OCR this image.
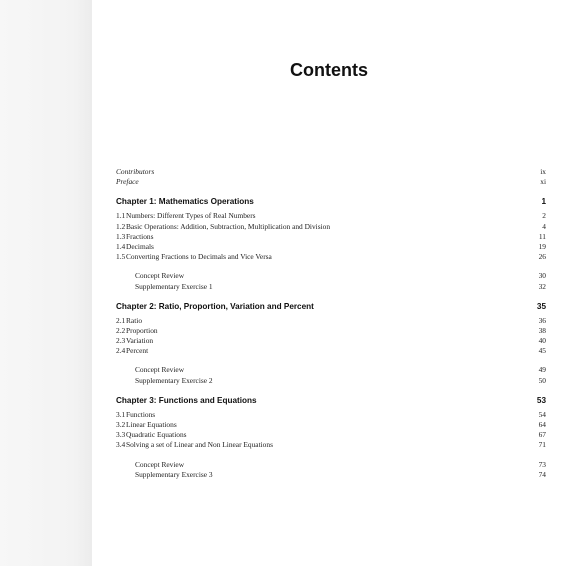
Contents
Contributors	ix
Preface	xi
Chapter 1: Mathematics Operations	1
1.1 Numbers: Different Types of Real Numbers	2
1.2 Basic Operations: Addition, Subtraction, Multiplication and Division	4
1.3 Fractions	11
1.4 Decimals	19
1.5 Converting Fractions to Decimals and Vice Versa	26
Concept Review	30
Supplementary Exercise 1	32
Chapter 2: Ratio, Proportion, Variation and Percent	35
2.1 Ratio	36
2.2 Proportion	38
2.3 Variation	40
2.4 Percent	45
Concept Review	49
Supplementary Exercise 2	50
Chapter 3: Functions and Equations	53
3.1 Functions	54
3.2 Linear Equations	64
3.3 Quadratic Equations	67
3.4 Solving a set of Linear and Non Linear Equations	71
Concept Review	73
Supplementary Exercise 3	74
